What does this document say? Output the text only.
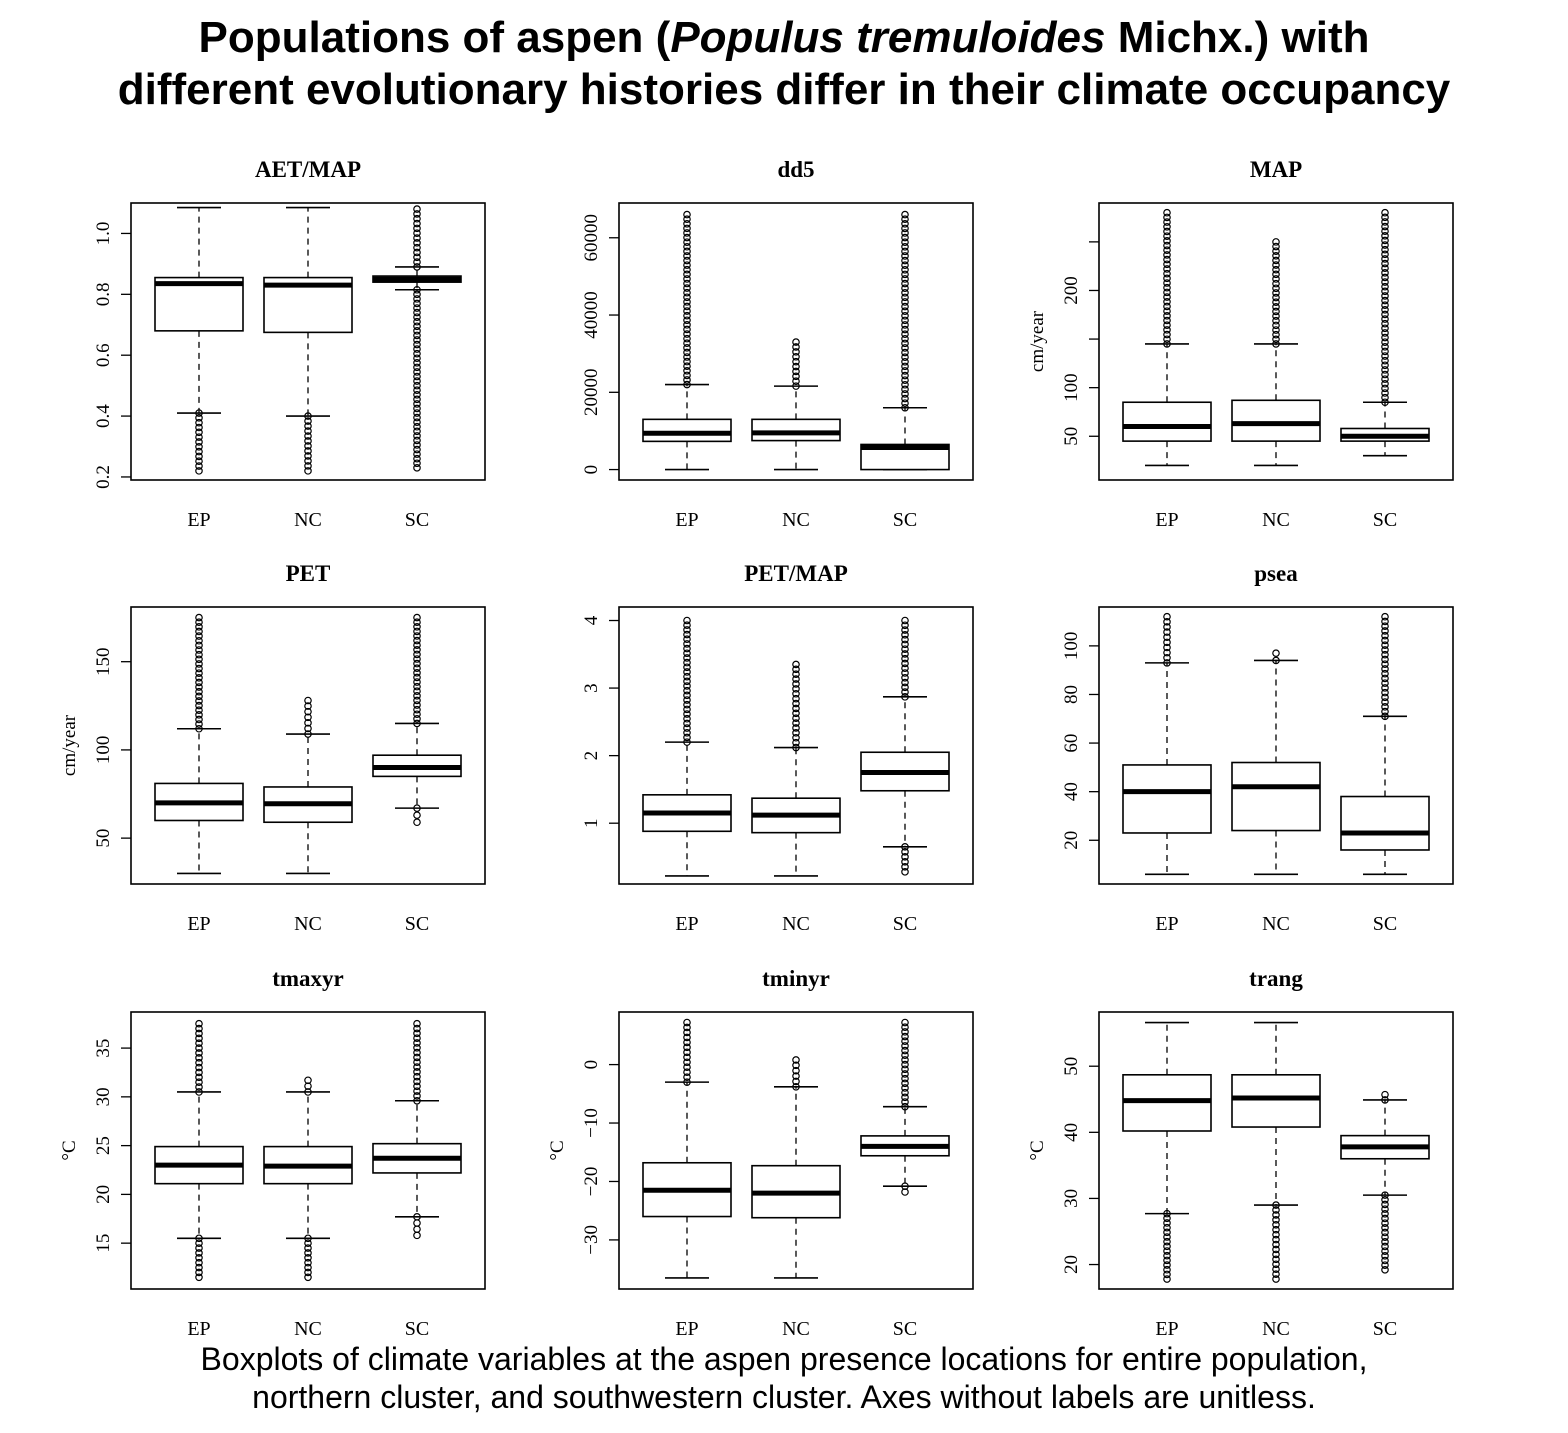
Populations of aspen (Populus tremuloides Michx.) with
different evolutionary histories differ in their climate occupancy
AET/MAP
0.2
0.4
0.6
0.8
1.0
EP	NC	SC
dd5
0
20000
40000
60000
EP	NC	SC
MAP
50
100
200
cm/year
EP	NC	SC
PET
50
100
150
cm/year
EP	NC	SC
PET/MAP
1
2
3
4
EP	NC	SC
psea
20
40
60
80
100
EP	NC	SC
tmaxyr
15
20
25
30
35
°C
EP	NC	SC
tminyr
−30
−20
−10
0
°C
EP	NC	SC
trang
20
30
40
50
°C
EP	NC	SC
Boxplots of climate variables at the aspen presence locations for entire population,
northern cluster, and southwestern cluster. Axes without labels are unitless.
